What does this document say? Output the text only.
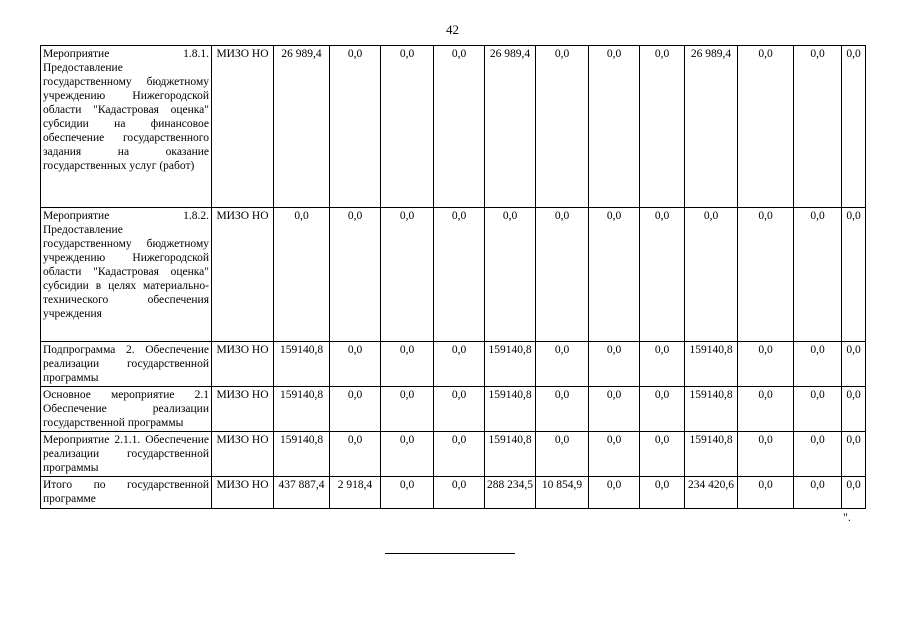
42
Мероприятие 1.8.1. Предоставление государственному бюджетному учреждению Нижегородской области "Кадастровая оценка" субсидии на финансовое обеспечение государственного задания на оказание государственных услуг (работ)	МИЗО НО	26 989,4	0,0	0,0	0,0	26 989,4	0,0	0,0	0,0	26 989,4	0,0	0,0	0,0
Мероприятие 1.8.2. Предоставление государственному бюджетному учреждению Нижегородской области "Кадастровая оценка" субсидии в целях материально-технического обеспечения учреждения	МИЗО НО	0,0	0,0	0,0	0,0	0,0	0,0	0,0	0,0	0,0	0,0	0,0	0,0
Подпрограмма 2. Обеспечение реализации государственной программы	МИЗО НО	159140,8	0,0	0,0	0,0	159140,8	0,0	0,0	0,0	159140,8	0,0	0,0	0,0
Основное мероприятие 2.1 Обеспечение реализации государственной программы	МИЗО НО	159140,8	0,0	0,0	0,0	159140,8	0,0	0,0	0,0	159140,8	0,0	0,0	0,0
Мероприятие 2.1.1. Обеспечение реализации государственной программы	МИЗО НО	159140,8	0,0	0,0	0,0	159140,8	0,0	0,0	0,0	159140,8	0,0	0,0	0,0
Итого по государственной программе	МИЗО НО	437 887,4	2 918,4	0,0	0,0	288 234,5	10 854,9	0,0	0,0	234 420,6	0,0	0,0	0,0
".
